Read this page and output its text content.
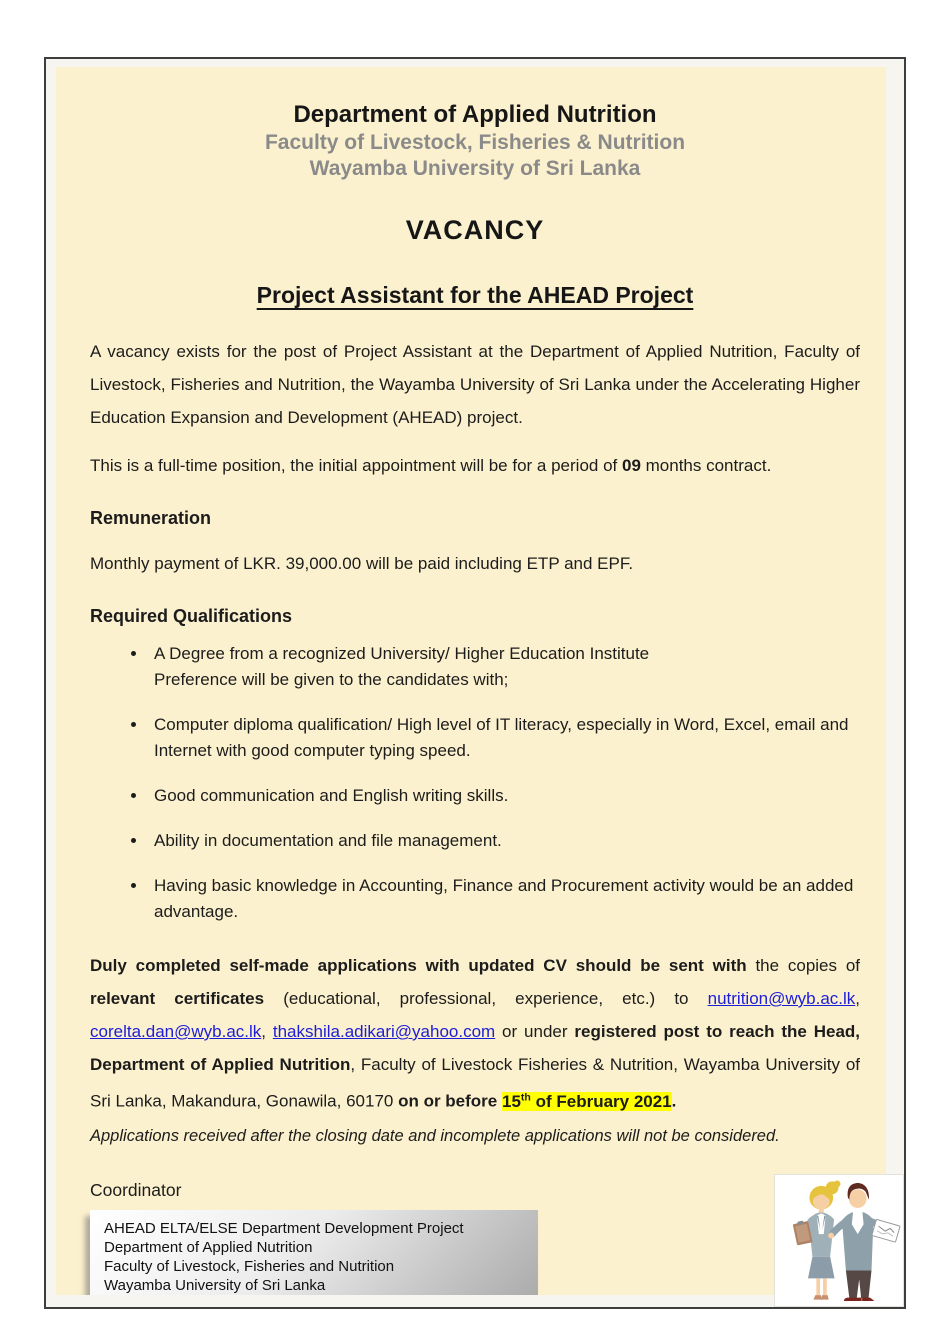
Department of Applied Nutrition
Faculty of Livestock, Fisheries & Nutrition
Wayamba University of Sri Lanka
VACANCY
Project Assistant for the AHEAD Project

A vacancy exists for the post of Project Assistant at the Department of Applied Nutrition, Faculty of Livestock, Fisheries and Nutrition, the Wayamba University of Sri Lanka under the Accelerating Higher Education Expansion and Development (AHEAD) project.

This is a full-time position, the initial appointment will be for a period of 09 months contract.

Remuneration

Monthly payment of LKR. 39,000.00 will be paid including ETP and EPF.

Required Qualifications
• A Degree from a recognized University/ Higher Education Institute
Preference will be given to the candidates with;
• Computer diploma qualification/ High level of IT literacy, especially in Word, Excel, email and Internet with good computer typing speed.
• Good communication and English writing skills.
• Ability in documentation and file management.
• Having basic knowledge in Accounting, Finance and Procurement activity would be an added advantage.

Duly completed self-made applications with updated CV should be sent with the copies of relevant certificates (educational, professional, experience, etc.) to nutrition@wyb.ac.lk, corelta.dan@wyb.ac.lk, thakshila.adikari@yahoo.com or under registered post to reach the Head, Department of Applied Nutrition, Faculty of Livestock Fisheries & Nutrition, Wayamba University of Sri Lanka, Makandura, Gonawila, 60170 on or before 15th of February 2021.

Applications received after the closing date and incomplete applications will not be considered.

Coordinator

AHEAD ELTA/ELSE Department Development Project
Department of Applied Nutrition
Faculty of Livestock, Fisheries and Nutrition
Wayamba University of Sri Lanka
